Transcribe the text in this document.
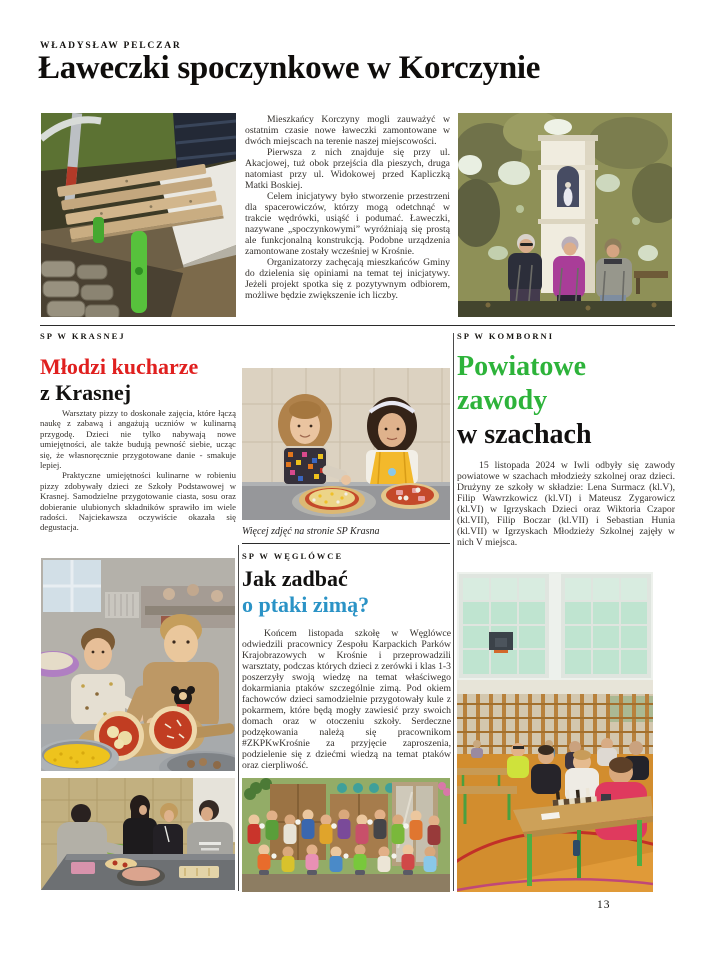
WŁADYSŁAW PELCZAR
Ławeczki spoczynkowe w Korczynie

Mieszkańcy Korczyny mogli zauważyć w ostatnim czasie nowe ławeczki zamontowane w dwóch miejscach na terenie naszej miejscowości.

Pierwsza z nich znajduje się przy ul. Akacjowej, tuż obok przejścia dla pieszych, druga natomiast przy ul. Widokowej przed Kapliczką Matki Boskiej.

Celem inicjatywy było stworzenie przestrzeni dla spacerowiczów, którzy mogą odetchnąć w trakcie wędrówki, usiąść i podumać. Ławeczki, nazywane „spoczynkowymi” wyróżniają się prostą ale funkcjonalną konstrukcją. Podobne urządzenia zamontowane zostały wcześniej w Krośnie.

Organizatorzy zachęcają mieszkańców Gminy do dzielenia się opiniami na temat tej inicjatywy. Jeżeli projekt spotka się z pozytywnym odbiorem, możliwe będzie zwiększenie ich liczby.

SP W KRASNEJ
Młodzi kucharze
z Krasnej

Warsztaty pizzy to doskonałe zajęcia, które łączą naukę z zabawą i angażują uczniów w kulinarną przygodę. Dzieci nie tylko nabywają nowe umiejętności, ale także budują pewność siebie, ucząc się, że własnoręcznie przygotowane danie - smakuje lepiej.

Praktyczne umiejętności kulinarne w robieniu pizzy zdobywały dzieci ze Szkoły Podstawowej w Krasnej. Samodzielne przygotowanie ciasta, sosu oraz dobieranie ulubionych składników sprawiło im wiele radości. Najciekawsza oczywiście okazała się degustacja.	Więcej zdjęć na stronie SP Krasna
SP W WĘGLÓWCE
Jak zadbać
o ptaki zimą?

Końcem listopada szkołę w Węglówce odwiedzili pracownicy Zespołu Karpackich Parków Krajobrazowych w Krośnie i przeprowadzili warsztaty, podczas których dzieci z zerówki i klas 1-3 poszerzyły swoją wiedzę na temat właściwego dokarmiania ptaków szczególnie zimą. Pod okiem fachowców dzieci samodzielnie przygotowały kule z pokarmem, które będą mogły zawiesić przy swoich domach oraz w otoczeniu szkoły. Serdeczne podzękowania należą się pracownikom #ZKPKwKrośnie za przyjęcie zaproszenia, podzielenie się z dziećmi wiedzą na temat ptaków oraz cierpliwość.

SP W KOMBORNI
Powiatowe
zawody
w szachach

15 listopada 2024 w Iwli odbyły się zawody powiatowe w szachach młodzieży szkolnej oraz dzieci. Drużyny ze szkoły w składzie: Lena Surmacz (kl.V), Filip Wawrzkowicz (kl.VI) i Mateusz Zygarowicz (kl.VI) w Igrzyskach Dzieci oraz Wiktoria Czapor (kl.VII), Filip Boczar (kl.VII) i Sebastian Hunia (kl.VII) w Igrzyskach Młodzieży Szkolnej zajęły w nich V miejsca.

13
